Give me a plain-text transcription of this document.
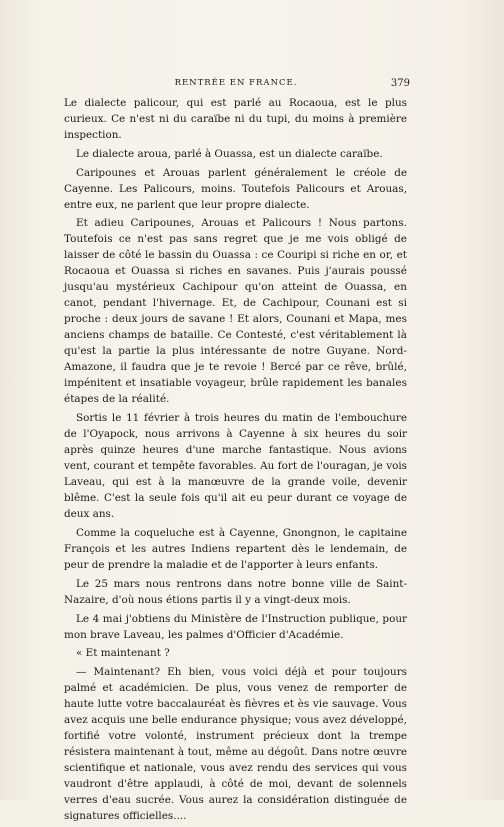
RENTRÉE EN FRANCE.	379

Le dialecte palicour, qui est parlé au Rocaoua, est le plus curieux. Ce n'est ni du caraïbe ni du tupi, du moins à première inspection.

Le dialecte aroua, parlé à Ouassa, est un dialecte caraïbe.

Caripounes et Arouas parlent généralement le créole de Cayenne. Les Palicours, moins. Toutefois Palicours et Arouas, entre eux, ne parlent que leur propre dialecte.

Et adieu Caripounes, Arouas et Palicours ! Nous partons. Toutefois ce n'est pas sans regret que je me vois obligé de laisser de côté le bassin du Ouassa : ce Couripi si riche en or, et Rocaoua et Ouassa si riches en savanes. Puis j'aurais poussé jusqu'au mystérieux Cachipour qu'on atteint de Ouassa, en canot, pendant l'hivernage. Et, de Cachipour, Counani est si proche : deux jours de savane ! Et alors, Counani et Mapa, mes anciens champs de bataille. Ce Contesté, c'est véritablement là qu'est la partie la plus intéressante de notre Guyane. Nord-Amazone, il faudra que je te revoie ! Bercé par ce rêve, brûlé, impénitent et insatiable voyageur, brûle rapidement les banales étapes de la réalité.

Sortis le 11 février à trois heures du matin de l'embouchure de l'Oyapock, nous arrivons à Cayenne à six heures du soir après quinze heures d'une marche fantastique. Nous avions vent, courant et tempête favorables. Au fort de l'ouragan, je vois Laveau, qui est à la manœuvre de la grande voile, devenir blême. C'est la seule fois qu'il ait eu peur durant ce voyage de deux ans.

Comme la coqueluche est à Cayenne, Gnongnon, le capitaine François et les autres Indiens repartent dès le lendemain, de peur de prendre la maladie et de l'apporter à leurs enfants.

Le 25 mars nous rentrons dans notre bonne ville de Saint-Nazaire, d'où nous étions partis il y a vingt-deux mois.

Le 4 mai j'obtiens du Ministère de l'Instruction publique, pour mon brave Laveau, les palmes d'Officier d'Académie.

« Et maintenant ?

— Maintenant? Eh bien, vous voici déjà et pour toujours palmé et académicien. De plus, vous venez de remporter de haute lutte votre baccalauréat ès fièvres et ès vie sauvage. Vous avez acquis une belle endurance physique; vous avez développé, fortifié votre volonté, instrument précieux dont la trempe résistera maintenant à tout, même au dégoût. Dans notre œuvre scientifique et nationale, vous avez rendu des services qui vous vaudront d'être applaudi, à côté de moi, devant de solennels verres d'eau sucrée. Vous aurez la considération distinguée de signatures officielles....
